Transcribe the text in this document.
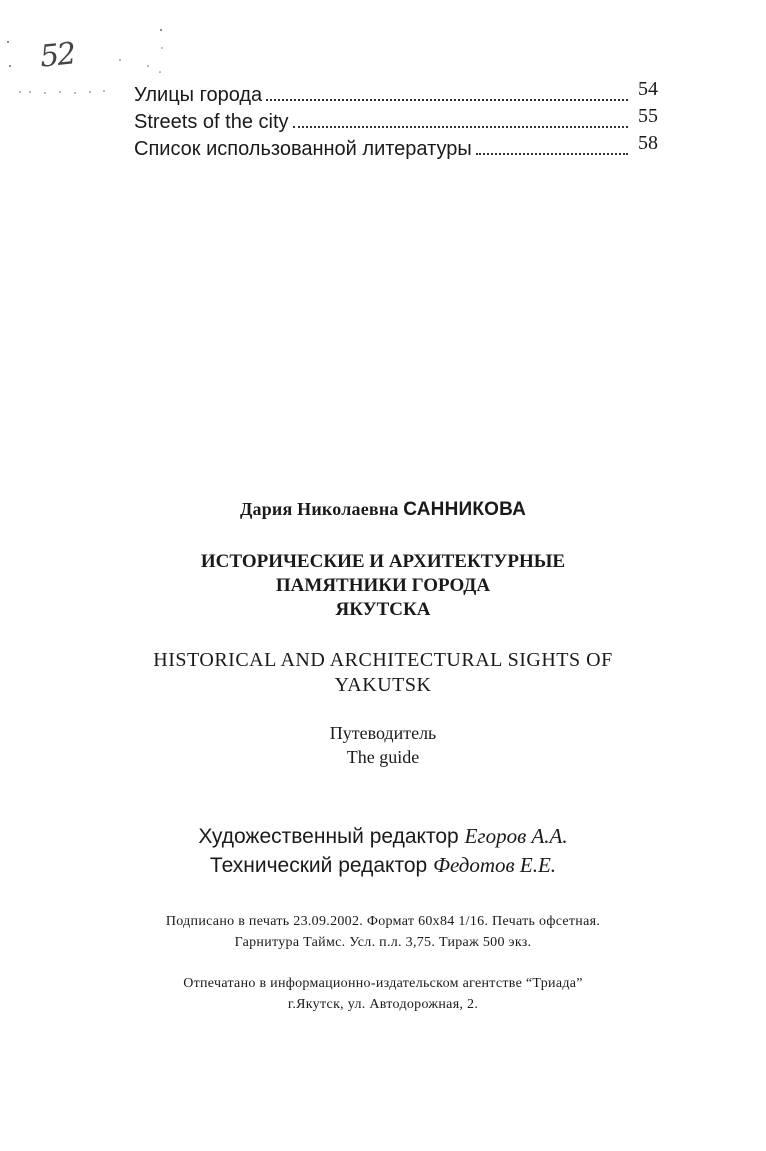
52
Улицы города	54
Streets of the city	55
Список использованной литературы	58
Дария Николаевна САННИКОВА
ИСТОРИЧЕСКИЕ И АРХИТЕКТУРНЫЕ
ПАМЯТНИКИ ГОРОДА
ЯКУТСКА
HISTORICAL AND ARCHITECTURAL SIGHTS OF
YAKUTSK
Путеводитель
The guide
Художественный редактор Егоров А.А.
Технический редактор Федотов Е.Е.
Подписано в печать 23.09.2002. Формат 60х84 1/16. Печать офсетная.
Гарнитура Таймс. Усл. п.л. 3,75. Тираж 500 экз.
Отпечатано в информационно-издательском агентстве “Триада”
г.Якутск, ул. Автодорожная, 2.
